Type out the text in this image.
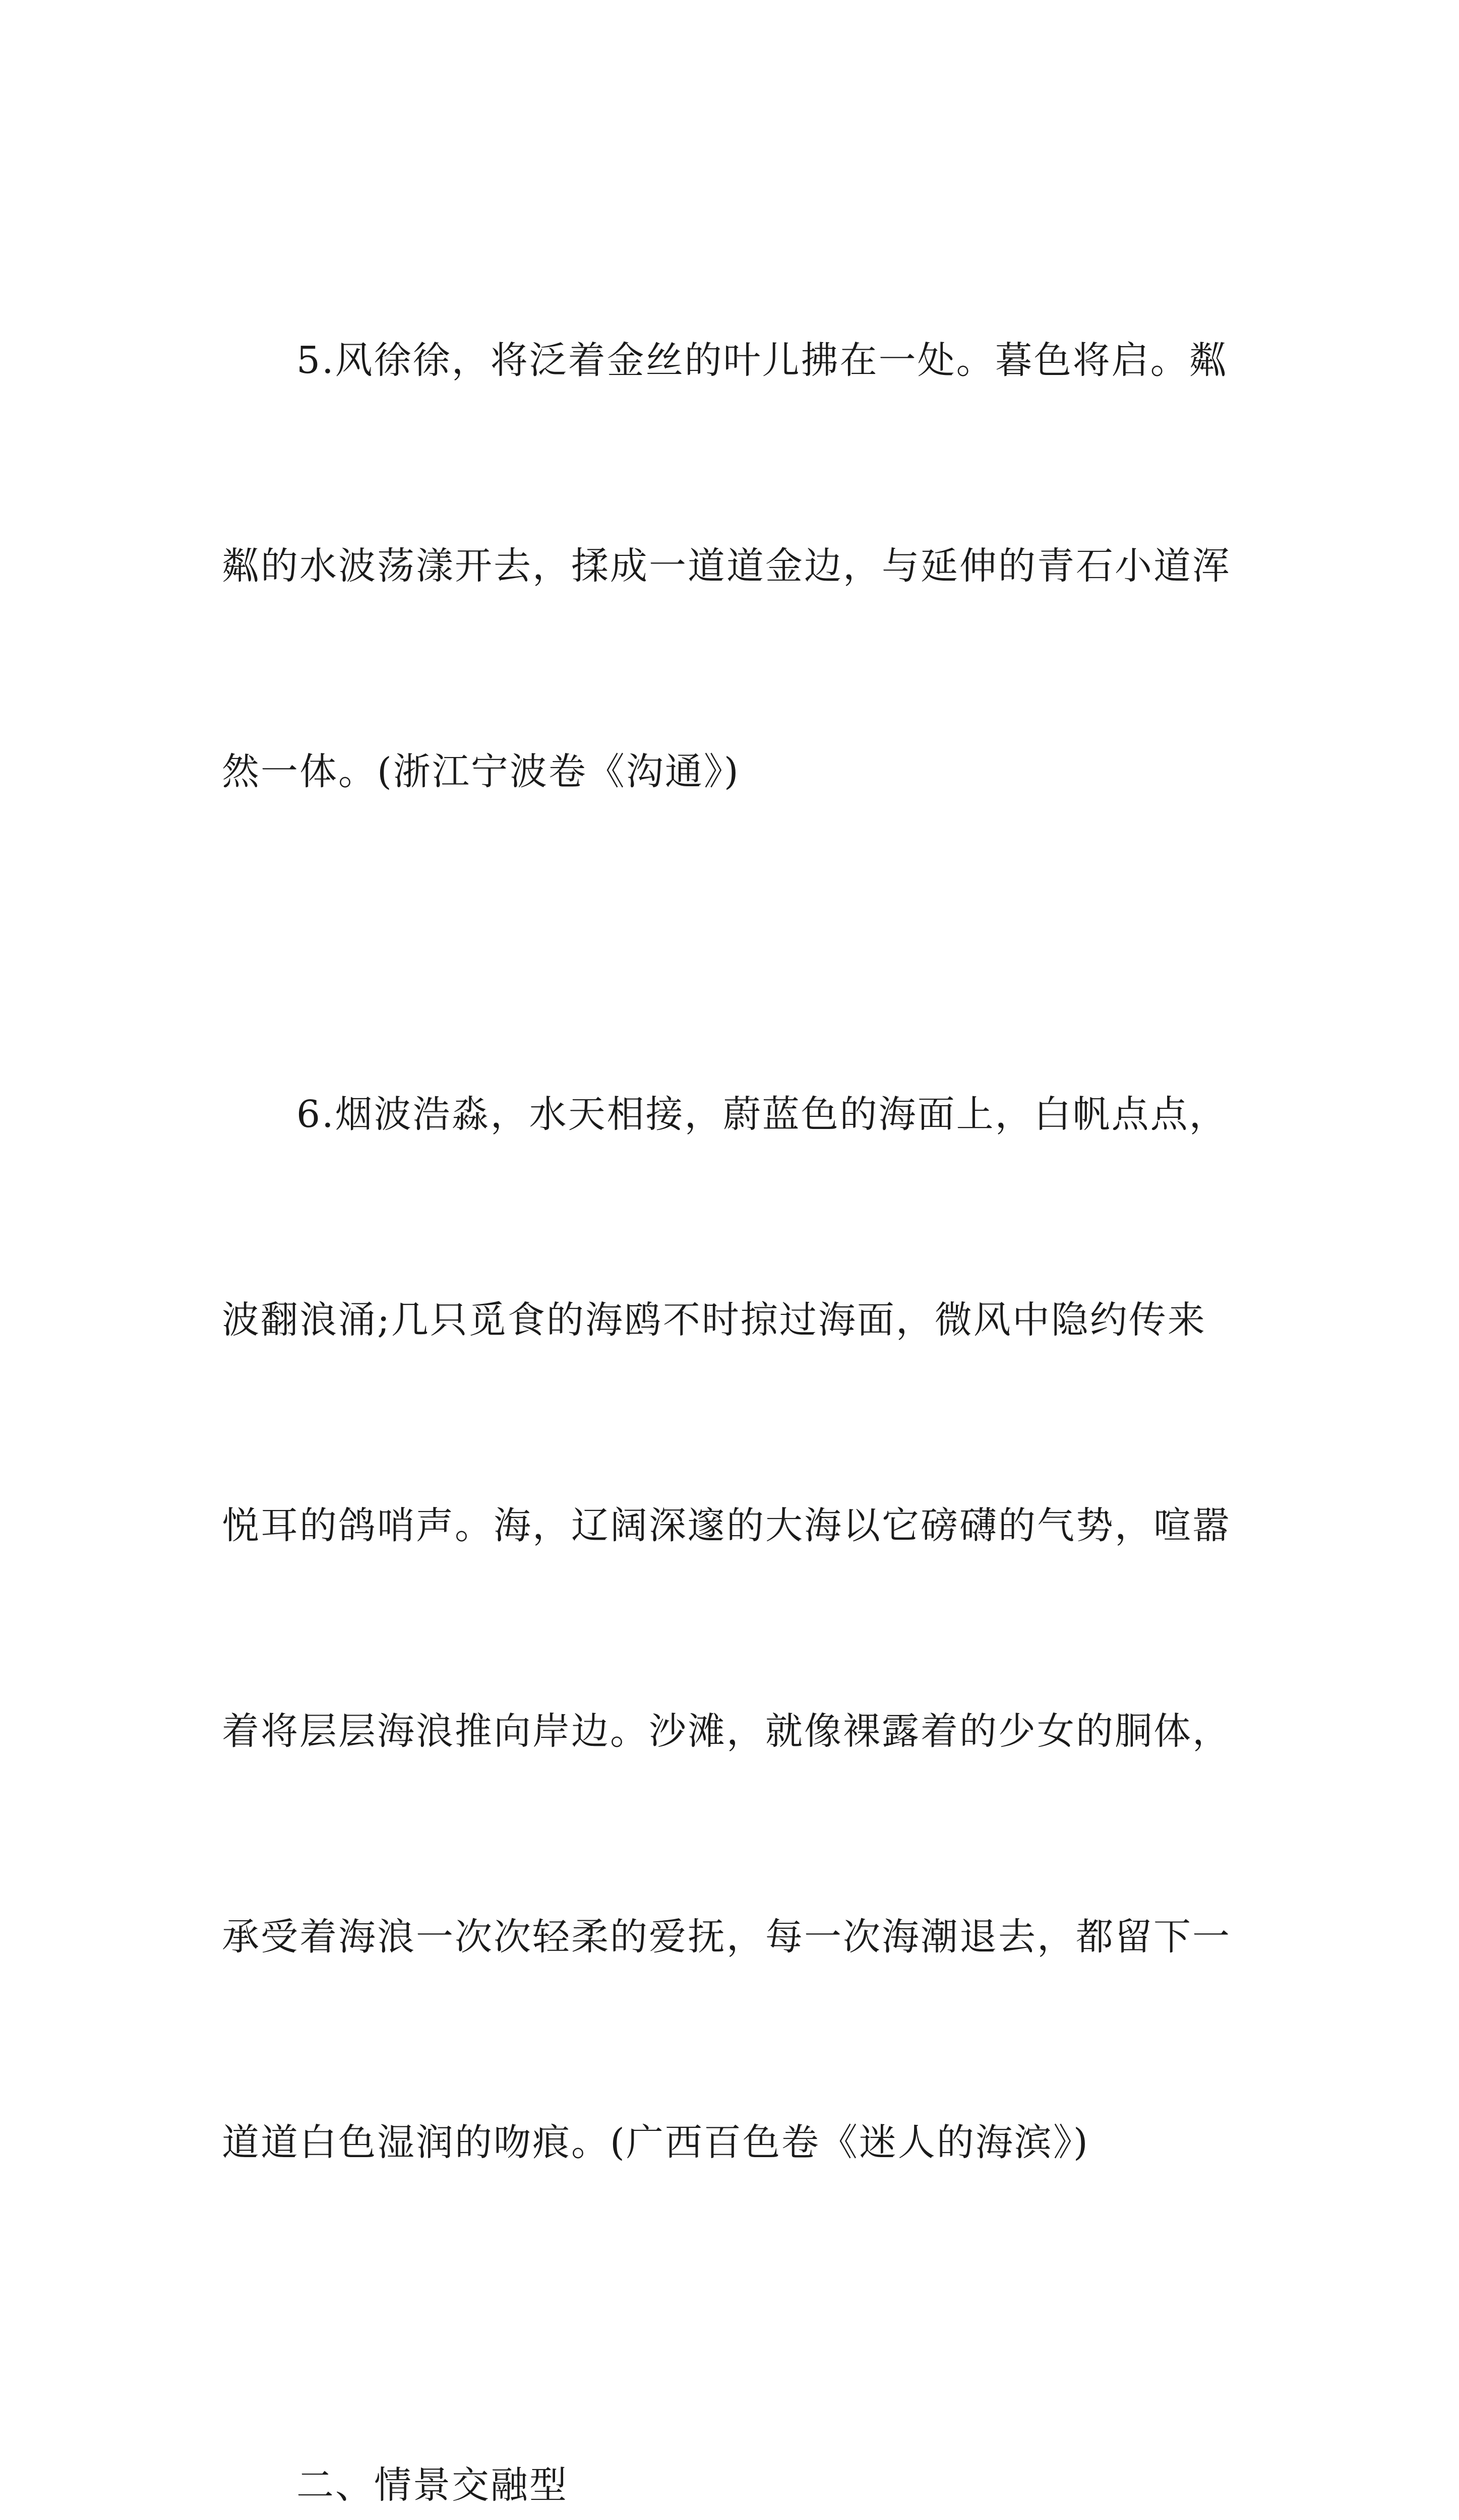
5.风徐徐，将泛着金丝的叶儿拂在一处。暮色将启。粼

粼的水波荡漾开去，揉成一道道金边，与延伸的青石小道浑

然一体。(浙江宁波卷《沟通》)

6.烟波浩淼，水天相接，蔚蓝色的海面上，白帆点点，

波翻浪涌;几只觅食的海鸥不时掠过海面，微风中隐约传来

悦耳的鸽哨声。海，辽阔深邃的大海以它磅礴的气势，喧嚣

着将层层海浪推向岸边。沙滩，就像裸露着的少女的胴体，

承受着海浪一次次轻柔的爱抚，每一次海潮退去，都留下一

道道白色湿润的吻痕。(广西百色卷《迷人的海滨》)

二、情景交融型
